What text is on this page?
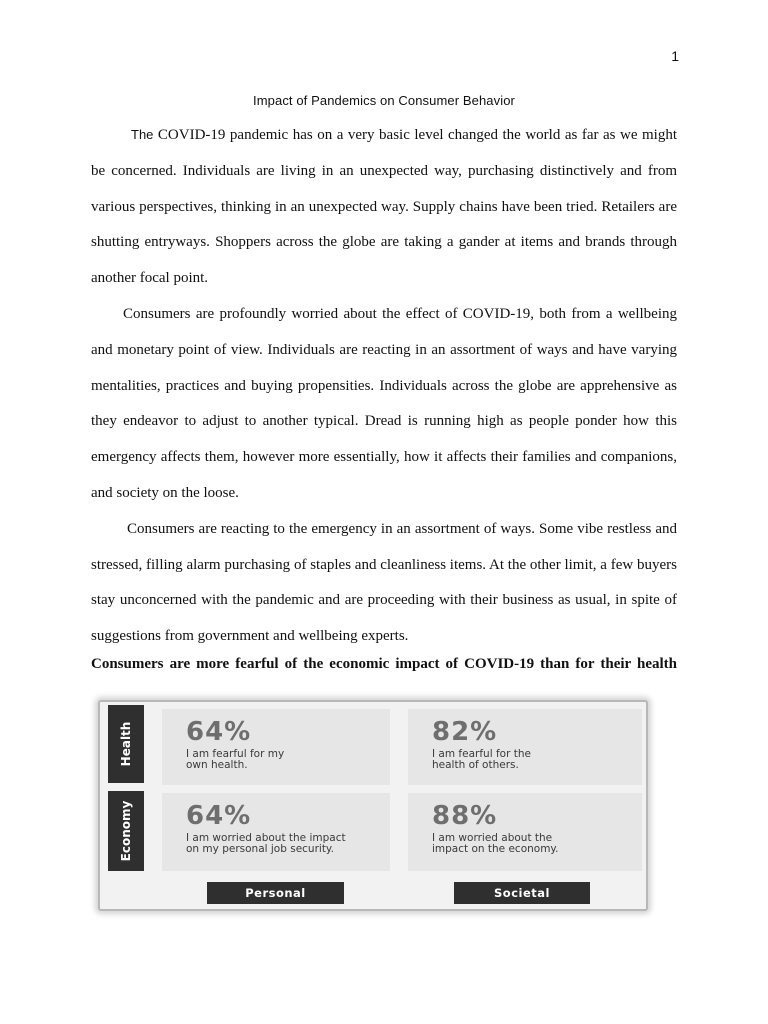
1
Impact of Pandemics on Consumer Behavior

The COVID-19 pandemic has on a very basic level changed the world as far as we might be concerned. Individuals are living in an unexpected way, purchasing distinctively and from various perspectives, thinking in an unexpected way. Supply chains have been tried. Retailers are shutting entryways. Shoppers across the globe are taking a gander at items and brands through another focal point.

Consumers are profoundly worried about the effect of COVID-19, both from a wellbeing and monetary point of view. Individuals are reacting in an assortment of ways and have varying mentalities, practices and buying propensities. Individuals across the globe are apprehensive as they endeavor to adjust to another typical. Dread is running high as people ponder how this emergency affects them, however more essentially, how it affects their families and companions, and society on the loose.

Consumers are reacting to the emergency in an assortment of ways. Some vibe restless and stressed, filling alarm purchasing of staples and cleanliness items. At the other limit, a few buyers stay unconcerned with the pandemic and are proceeding with their business as usual, in spite of suggestions from government and wellbeing experts.

Consumers are more fearful of the economic impact of COVID-19 than for their health
Health
Economy
64%
I am fearful for my
own health.
82%
I am fearful for the
health of others.
64%
I am worried about the impact
on my personal job security.
88%
I am worried about the
impact on the economy.
Personal	Societal
